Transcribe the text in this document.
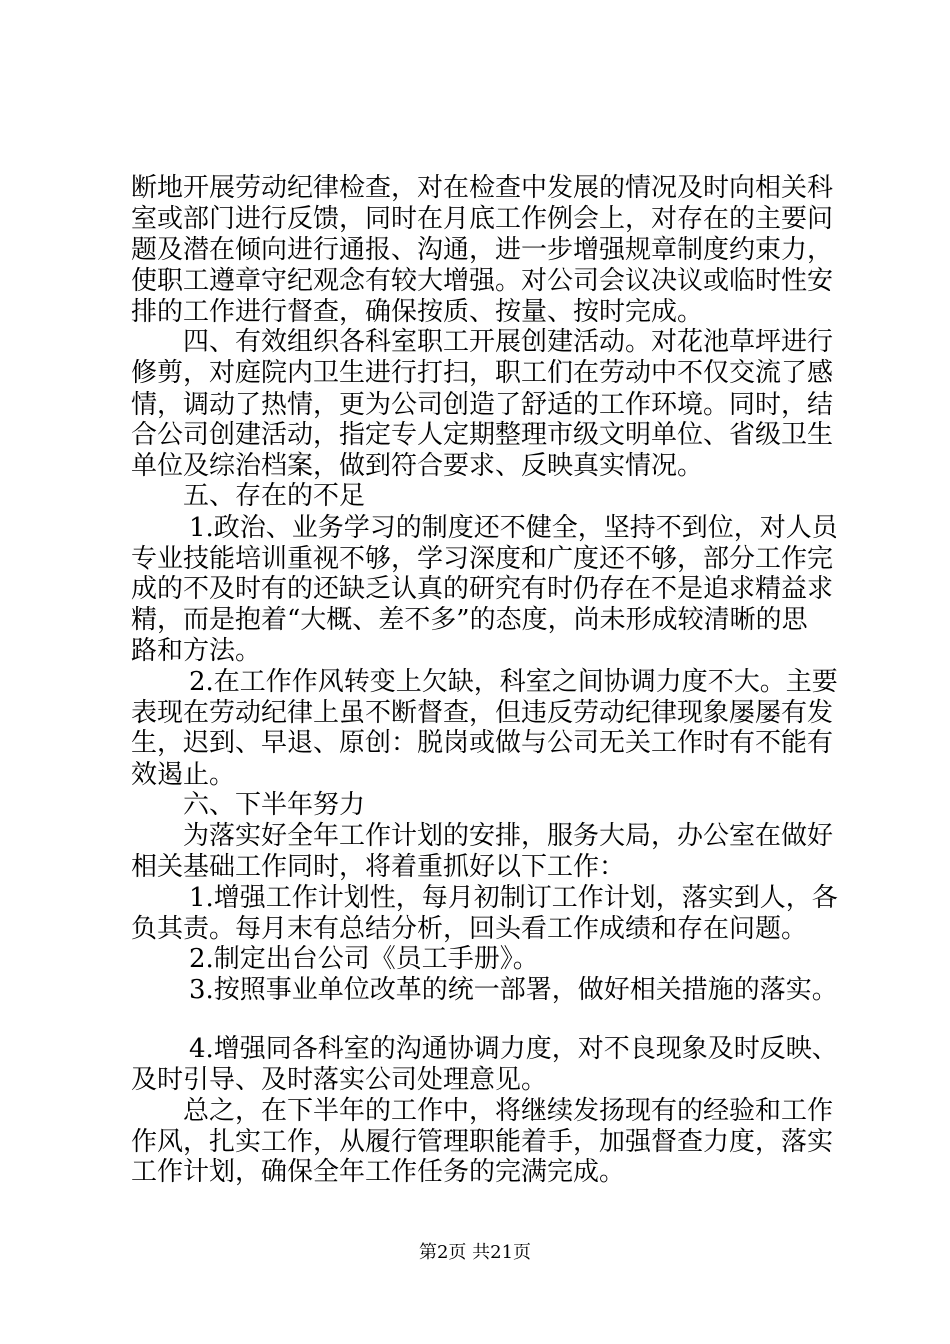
断地开展劳动纪律检查，对在检查中发展的情况及时向相关科
室或部门进行反馈，同时在月底工作例会上，对存在的主要问
题及潜在倾向进行通报、沟通，进一步增强规章制度约束力，
使职工遵章守纪观念有较大增强。对公司会议决议或临时性安
排的工作进行督查，确保按质、按量、按时完成。
四、有效组织各科室职工开展创建活动。对花池草坪进行
修剪，对庭院内卫生进行打扫，职工们在劳动中不仅交流了感
情，调动了热情，更为公司创造了舒适的工作环境。同时，结
合公司创建活动，指定专人定期整理市级文明单位、省级卫生
单位及综治档案，做到符合要求、反映真实情况。
五、存在的不足
1.政治、业务学习的制度还不健全，坚持不到位，对人员
专业技能培训重视不够，学习深度和广度还不够，部分工作完
成的不及时有的还缺乏认真的研究有时仍存在不是追求精益求
精，而是抱着“大概、差不多”的态度，尚未形成较清晰的思
路和方法。
2.在工作作风转变上欠缺，科室之间协调力度不大。主要
表现在劳动纪律上虽不断督查，但违反劳动纪律现象屡屡有发
生，迟到、早退、原创：脱岗或做与公司无关工作时有不能有
效遏止。
六、下半年努力
为落实好全年工作计划的安排，服务大局，办公室在做好
相关基础工作同时，将着重抓好以下工作：
1.增强工作计划性，每月初制订工作计划，落实到人，各
负其责。每月末有总结分析，回头看工作成绩和存在问题。
2.制定出台公司《员工手册》。
3.按照事业单位改革的统一部署，做好相关措施的落实。
4.增强同各科室的沟通协调力度，对不良现象及时反映、
及时引导、及时落实公司处理意见。
总之，在下半年的工作中，将继续发扬现有的经验和工作
作风，扎实工作，从履行管理职能着手，加强督查力度，落实
工作计划，确保全年工作任务的完满完成。
第2页 共21页
